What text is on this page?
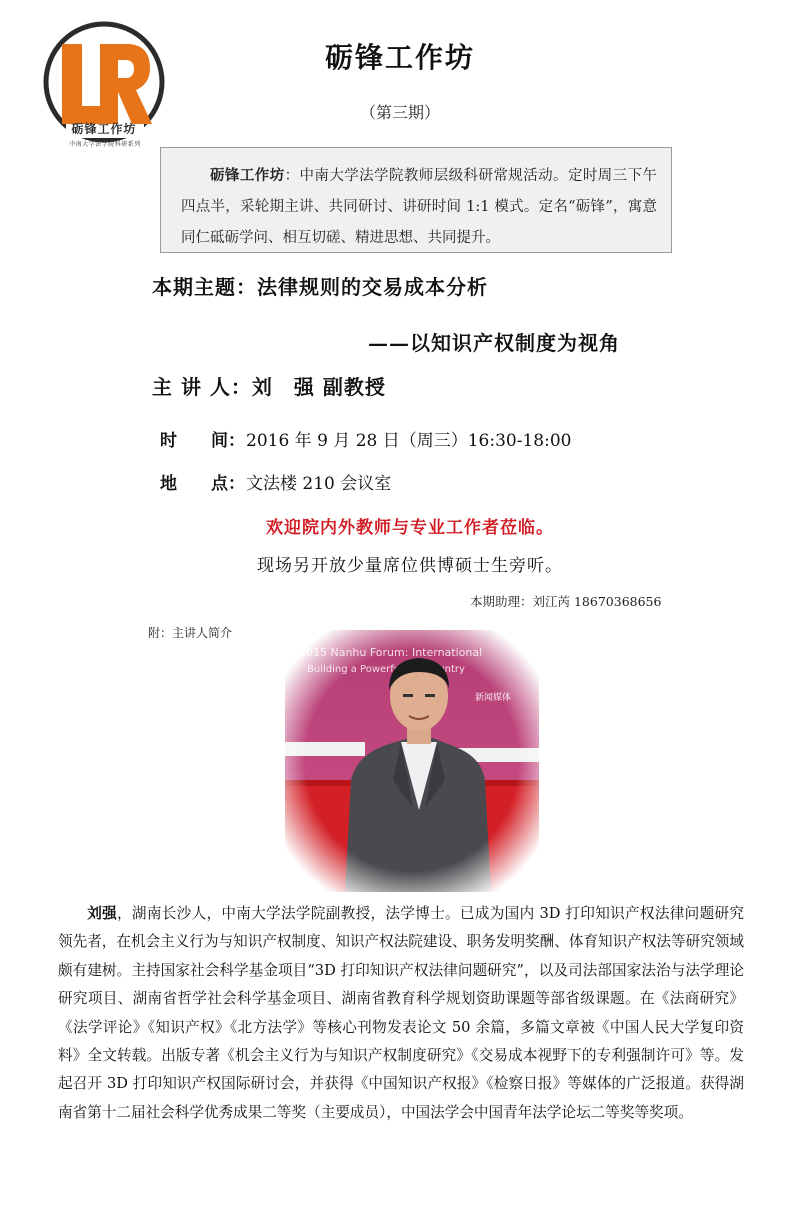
砺锋工作坊
中南大学法学院科研系列
砺锋工作坊
（第三期）
砺锋工作坊：中南大学法学院教师层级科研常规活动。定时周三下午四点半，采轮期主讲、共同研讨、讲研时间 1:1 模式。定名“砺锋”，寓意同仁砥砺学问、相互切磋、精进思想、共同提升。
本期主题：法律规则的交易成本分析
——以知识产权制度为视角
主 讲 人：刘　强 副教授
时　　间：2016 年 9 月 28 日（周三）16:30-18:00
地　　点：文法楼 210 会议室
欢迎院内外教师与专业工作者莅临。
现场另开放少量席位供博硕士生旁听。
本期助理：刘江芮 18670368656
附：主讲人简介
刘强，湖南长沙人，中南大学法学院副教授，法学博士。已成为国内 3D 打印知识产权法律问题研究领先者，在机会主义行为与知识产权制度、知识产权法院建设、职务发明奖酬、体育知识产权法等研究领域颇有建树。主持国家社会科学基金项目“3D 打印知识产权法律问题研究”，以及司法部国家法治与法学理论研究项目、湖南省哲学社会科学基金项目、湖南省教育科学规划资助课题等部省级课题。在《法商研究》《法学评论》《知识产权》《北方法学》等核心刊物发表论文 50 余篇，多篇文章被《中国人民大学复印资料》全文转载。出版专著《机会主义行为与知识产权制度研究》《交易成本视野下的专利强制许可》等。发起召开 3D 打印知识产权国际研讨会，并获得《中国知识产权报》《检察日报》等媒体的广泛报道。获得湖南省第十二届社会科学优秀成果二等奖（主要成员），中国法学会中国青年法学论坛二等奖等奖项。
